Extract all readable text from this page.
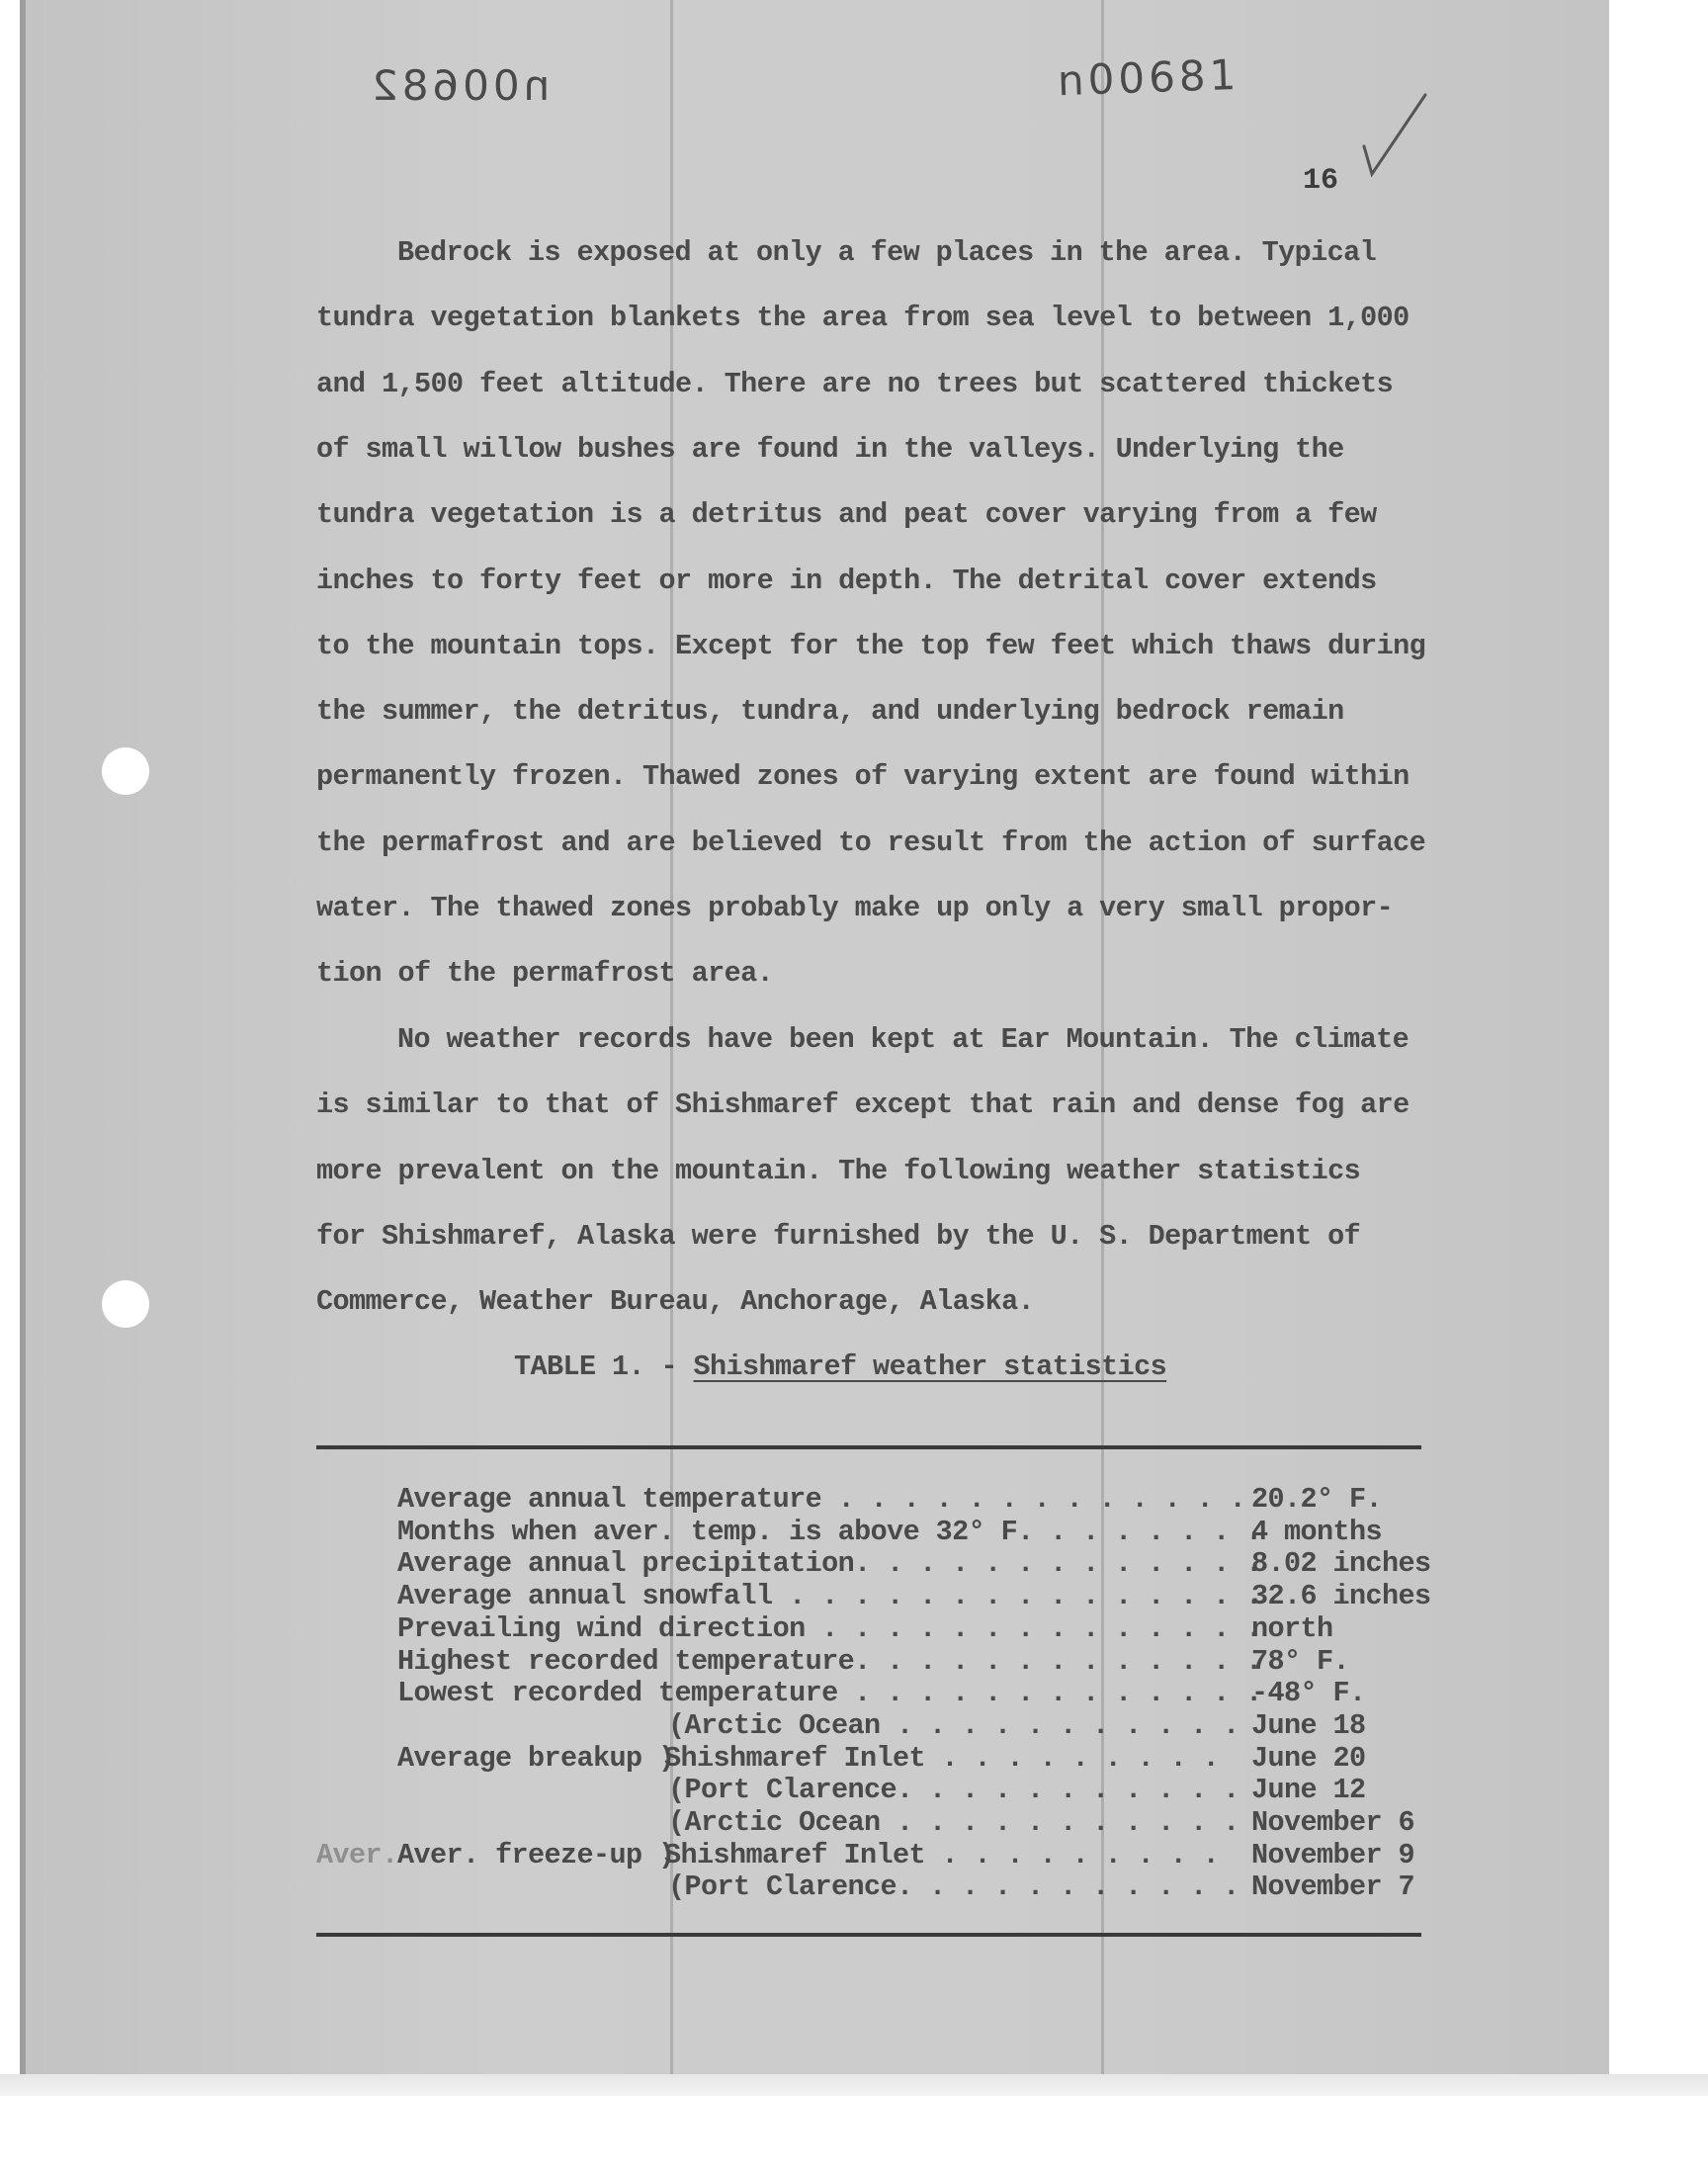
n00682	n00681
16
Bedrock is exposed at only a few places in the area. Typical
tundra vegetation blankets the area from sea level to between 1,000
and 1,500 feet altitude. There are no trees but scattered thickets
of small willow bushes are found in the valleys. Underlying the
tundra vegetation is a detritus and peat cover varying from a few
inches to forty feet or more in depth. The detrital cover extends
to the mountain tops. Except for the top few feet which thaws during
the summer, the detritus, tundra, and underlying bedrock remain
permanently frozen. Thawed zones of varying extent are found within
the permafrost and are believed to result from the action of surface
water. The thawed zones probably make up only a very small propor-
tion of the permafrost area.
No weather records have been kept at Ear Mountain. The climate
is similar to that of Shishmaref except that rain and dense fog are
more prevalent on the mountain. The following weather statistics
for Shishmaref, Alaska were furnished by the U. S. Department of
Commerce, Weather Bureau, Anchorage, Alaska.
TABLE 1. - Shishmaref weather statistics
Average annual temperature . . . . . . . . . . . . . 20.2° F.
Months when aver. temp. is above 32° F. . . . . . . .
4 months
Average annual precipitation. . . . . . . . . . . . .
8.02 inches
Average annual snowfall . . . . . . . . . . . . . . .
32.6 inches
Prevailing wind direction . . . . . . . . . . . . . .
north
Highest recorded temperature. . . . . . . . . . . . .
78° F.
Lowest recorded temperature . . . . . . . . . . . . .
-48° F.
(Arctic Ocean . . . . . . . . . . . June 18
Average breakup )
Shishmaref Inlet . . . . . . . . . June 20
(Port Clarence. . . . . . . . . . . June 12
(Arctic Ocean . . . . . . . . . . . November 6
Aver. freeze-up )
Aver.	Shishmaref Inlet . . . . . . . . . November 9
(Port Clarence. . . . . . . . . . . November 7
